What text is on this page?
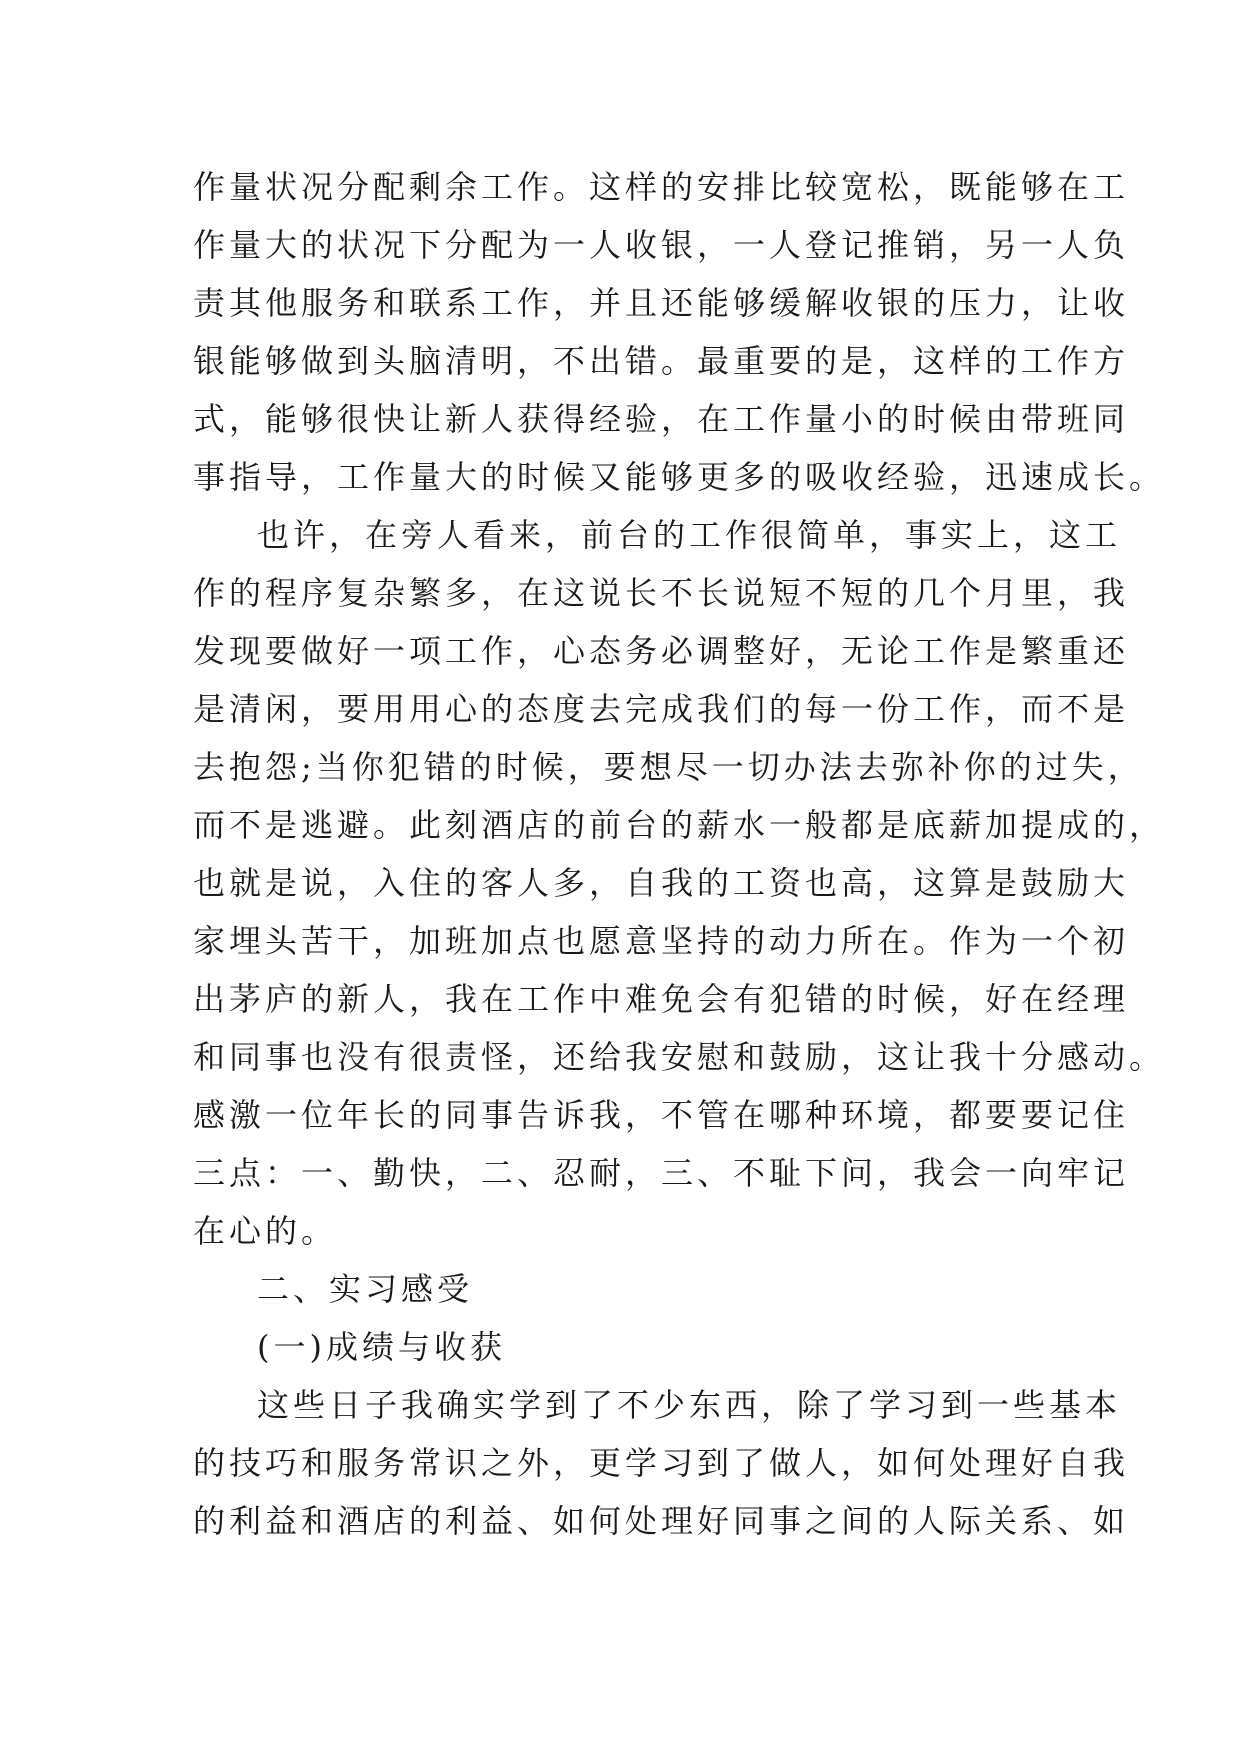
作量状况分配剩余工作。这样的安排比较宽松，既能够在工
作量大的状况下分配为一人收银，一人登记推销，另一人负
责其他服务和联系工作，并且还能够缓解收银的压力，让收
银能够做到头脑清明，不出错。最重要的是，这样的工作方
式，能够很快让新人获得经验，在工作量小的时候由带班同
事指导，工作量大的时候又能够更多的吸收经验，迅速成长。
也许，在旁人看来，前台的工作很简单，事实上，这工
作的程序复杂繁多，在这说长不长说短不短的几个月里，我
发现要做好一项工作，心态务必调整好，无论工作是繁重还
是清闲，要用用心的态度去完成我们的每一份工作，而不是
去抱怨;当你犯错的时候，要想尽一切办法去弥补你的过失，
而不是逃避。此刻酒店的前台的薪水一般都是底薪加提成的，
也就是说，入住的客人多，自我的工资也高，这算是鼓励大
家埋头苦干，加班加点也愿意坚持的动力所在。作为一个初
出茅庐的新人，我在工作中难免会有犯错的时候，好在经理
和同事也没有很责怪，还给我安慰和鼓励，这让我十分感动。
感激一位年长的同事告诉我，不管在哪种环境，都要要记住
三点：一、勤快，二、忍耐，三、不耻下问，我会一向牢记
在心的。
二、实习感受
(一)成绩与收获
这些日子我确实学到了不少东西，除了学习到一些基本
的技巧和服务常识之外，更学习到了做人，如何处理好自我
的利益和酒店的利益、如何处理好同事之间的人际关系、如
